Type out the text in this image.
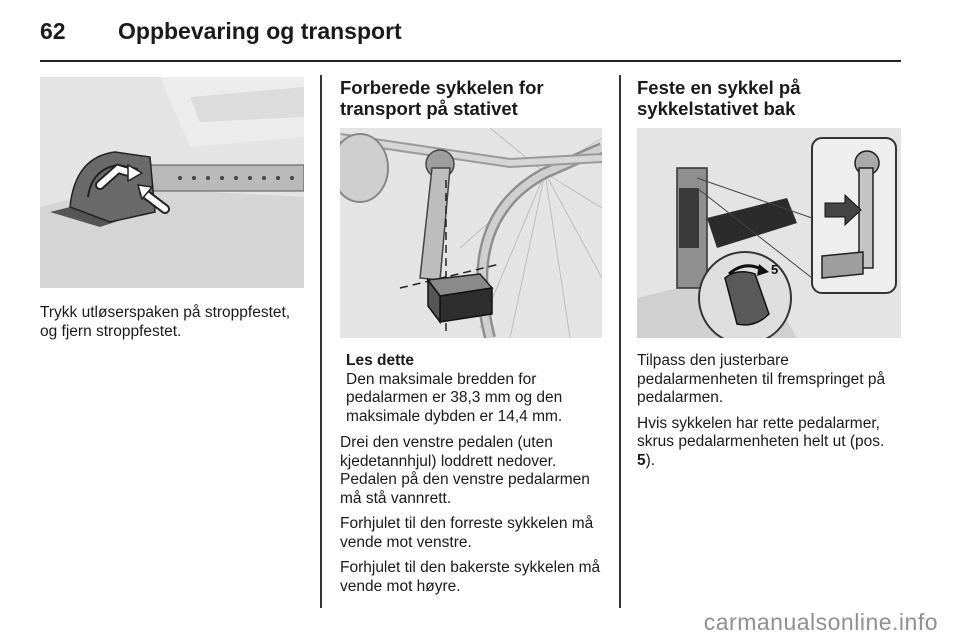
62 Oppbevaring og transport
Trykk utløserspaken på stroppfestet, og fjern stroppfestet.
Forberede sykkelen for
transport på stativet
Les dette
Den maksimale bredden for pedalarmen er 38,3 mm og den maksimale dybden er 14,4 mm.

Drei den venstre pedalen (uten kjedetannhjul) loddrett nedover. Pedalen på den venstre pedalarmen må stå vannrett.

Forhjulet til den forreste sykkelen må vende mot venstre.

Forhjulet til den bakerste sykkelen må vende mot høyre.

Feste en sykkel på
sykkelstativet bak
5

Tilpass den justerbare pedalarmenheten til fremspringet på pedalarmen.

Hvis sykkelen har rette pedalarmer, skrus pedalarmenheten helt ut (pos.
5).

carmanualsonline.info
